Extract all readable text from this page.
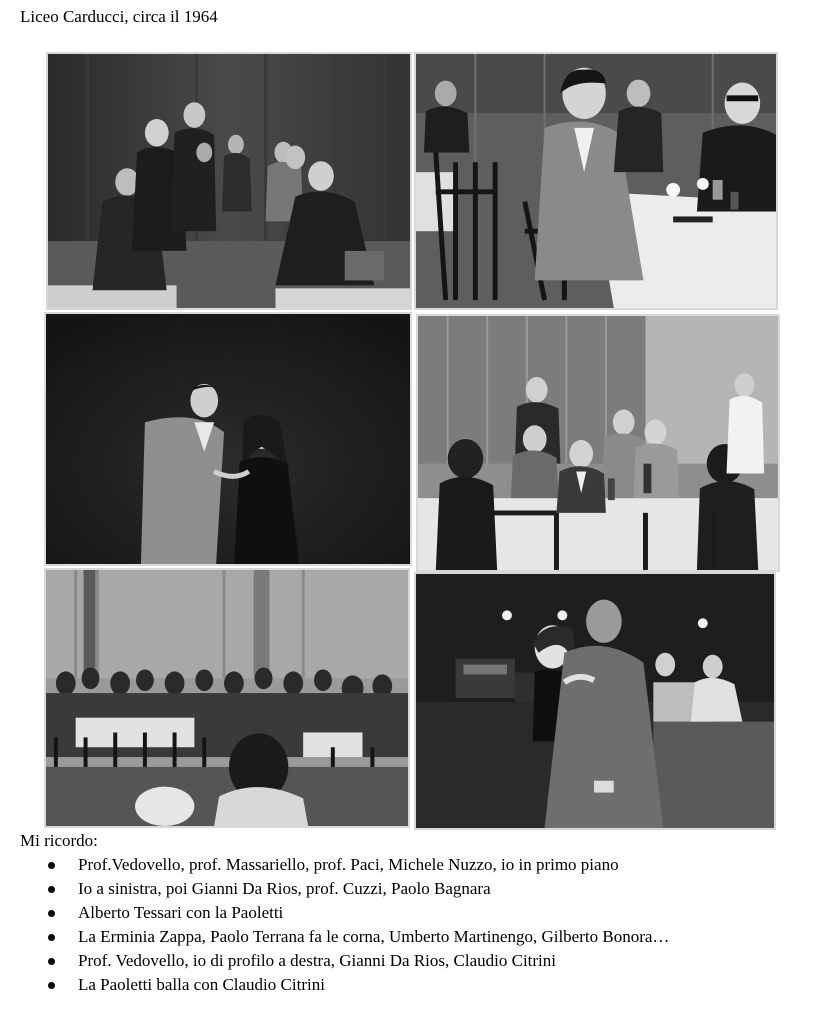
Liceo Carducci, circa il 1964
Mi ricordo:
Prof.Vedovello, prof. Massariello, prof. Paci, Michele Nuzzo, io in primo piano
Io a sinistra, poi Gianni Da Rios, prof. Cuzzi, Paolo Bagnara
Alberto Tessari con la Paoletti
La Erminia Zappa, Paolo Terrana fa le corna, Umberto Martinengo, Gilberto Bonora…
Prof. Vedovello, io di profilo a destra, Gianni Da Rios, Claudio Citrini
La Paoletti balla con Claudio Citrini
